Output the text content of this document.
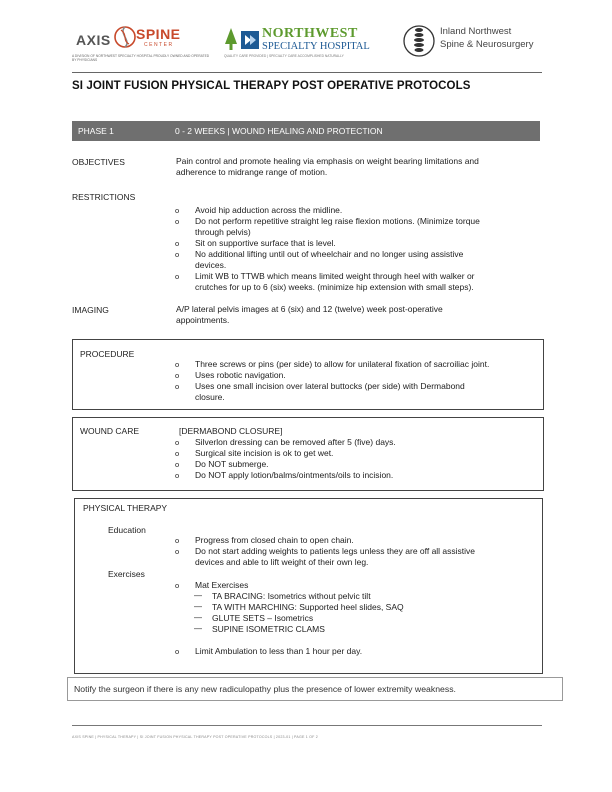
AXIS SPINE
CENTER
A DIVISION OF NORTHWEST SPECIALTY HOSPITAL PROUDLY OWNED AND OPERATED BY PHYSICIANS
NORTHWEST
SPECIALTY HOSPITAL
QUALITY CARE PROVIDED | SPECIALTY CARE ACCOMPLISHED NATURALLY
Inland Northwest
Spine & Neurosurgery
SI JOINT FUSION PHYSICAL THERAPY POST OPERATIVE PROTOCOLS
PHASE 1	0 - 2 WEEKS | WOUND HEALING AND PROTECTION
OBJECTIVES	Pain control and promote healing via emphasis on weight bearing limitations and
adherence to midrange range of motion.
RESTRICTIONS
o Avoid hip adduction across the midline.
o Do not perform repetitive straight leg raise flexion motions. (Minimize torque
through pelvis)
o Sit on supportive surface that is level.
o No additional lifting until out of wheelchair and no longer using assistive
devices.
o Limit WB to TTWB which means limited weight through heel with walker or
crutches for up to 6 (six) weeks. (minimize hip extension with small steps).
IMAGING	A/P lateral pelvis images at 6 (six) and 12 (twelve) week post-operative
appointments.
PROCEDURE
o Three screws or pins (per side) to allow for unilateral fixation of sacroiliac joint.
o Uses robotic navigation.
o Uses one small incision over lateral buttocks (per side) with Dermabond
closure.
WOUND CARE	[DERMABOND CLOSURE]
o Silverlon dressing can be removed after 5 (five) days.
o Surgical site incision is ok to get wet.
o Do NOT submerge.
o Do NOT apply lotion/balms/ointments/oils to incision.
PHYSICAL THERAPY
Education
o Progress from closed chain to open chain.
o Do not start adding weights to patients legs unless they are off all assistive
devices and able to lift weight of their own leg.
Exercises
o Mat Exercises
— TA BRACING: Isometrics without pelvic tilt
— TA WITH MARCHING: Supported heel slides, SAQ
— GLUTE SETS – Isometrics
— SUPINE ISOMETRIC CLAMS
o Limit Ambulation to less than 1 hour per day.
Notify the surgeon if there is any new radiculopathy plus the presence of lower extremity weakness.
AXIS SPINE | PHYSICAL THERAPY | SI JOINT FUSION PHYSICAL THERAPY POST OPERATIVE PROTOCOLS | 2023-01 | PAGE 1 OF 2
